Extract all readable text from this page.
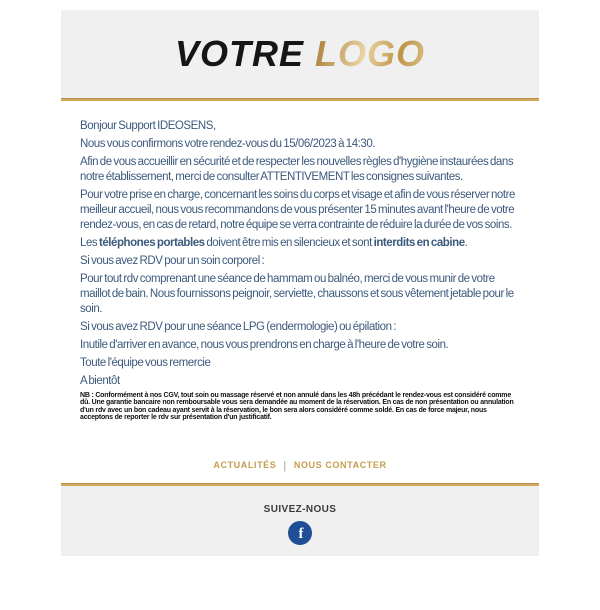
VOTRE LOGO

Bonjour Support IDEOSENS,

Nous vous confirmons votre rendez-vous du 15/06/2023 à 14:30.

Afin de vous accueillir en sécurité et de respecter les nouvelles règles d'hygiène instaurées dans notre établissement, merci de consulter ATTENTIVEMENT les consignes suivantes.

Pour votre prise en charge, concernant les soins du corps et visage et afin de vous réserver notre meilleur accueil, nous vous recommandons de vous présenter 15 minutes avant l'heure de votre rendez-vous, en cas de retard, notre équipe se verra contrainte de réduire la durée de vos soins.

Les téléphones portables doivent être mis en silencieux et sont interdits en cabine.

Si vous avez RDV pour un soin corporel :

Pour tout rdv comprenant une séance de hammam ou balnéo, merci de vous munir de votre maillot de bain. Nous fournissons peignoir, serviette, chaussons et sous vêtement jetable pour le soin.

Si vous avez RDV pour une séance LPG (endermologie) ou épilation :

Inutile d'arriver en avance, nous vous prendrons en charge à l'heure de votre soin.

Toute l'équipe vous remercie

A bientôt

NB : Conformément à nos CGV, tout soin ou massage réservé et non annulé dans les 48h précédant le rendez-vous est considéré comme dû. Une garantie bancaire non remboursable vous sera demandée au moment de la réservation. En cas de non présentation ou annulation d'un rdv avec un bon cadeau ayant servit à la réservation, le bon sera alors considéré comme soldé. En cas de force majeur, nous acceptons de reporter le rdv sur présentation d'un justificatif.

ACTUALITÉS | NOUS CONTACTER
SUIVEZ-NOUS
f
